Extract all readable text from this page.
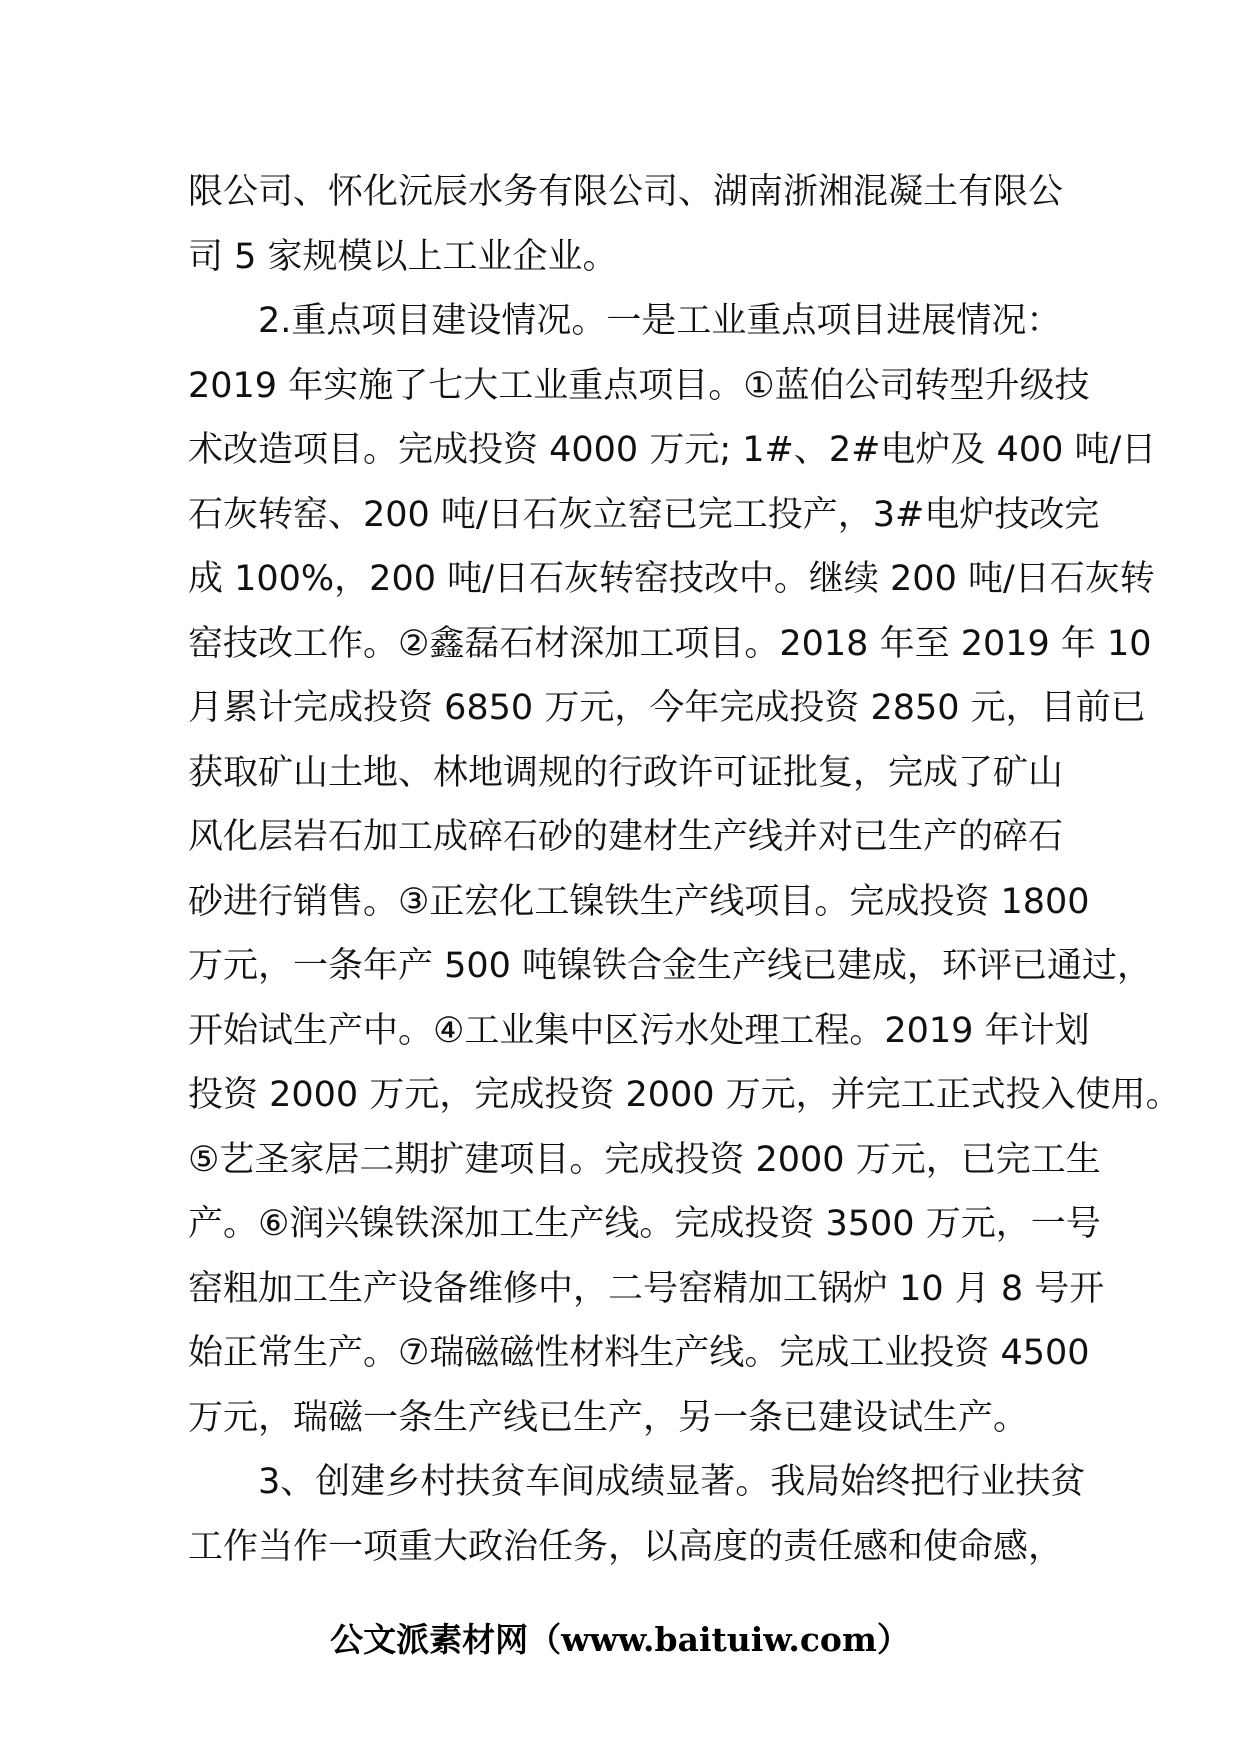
限公司、怀化沅辰水务有限公司、湖南浙湘混凝土有限公
司 5 家规模以上工业企业。
　　2.重点项目建设情况。一是工业重点项目进展情况：
2019 年实施了七大工业重点项目。①蓝伯公司转型升级技
术改造项目。完成投资 4000 万元; 1#、2#电炉及 400 吨/日
石灰转窑、200 吨/日石灰立窑已完工投产，3#电炉技改完
成 100%，200 吨/日石灰转窑技改中。继续 200 吨/日石灰转
窑技改工作。②鑫磊石材深加工项目。2018 年至 2019 年 10
月累计完成投资 6850 万元，今年完成投资 2850 元，目前已
获取矿山土地、林地调规的行政许可证批复，完成了矿山
风化层岩石加工成碎石砂的建材生产线并对已生产的碎石
砂进行销售。③正宏化工镍铁生产线项目。完成投资 1800
万元，一条年产 500 吨镍铁合金生产线已建成，环评已通过，
开始试生产中。④工业集中区污水处理工程。2019 年计划
投资 2000 万元，完成投资 2000 万元，并完工正式投入使用。
⑤艺圣家居二期扩建项目。完成投资 2000 万元，已完工生
产。⑥润兴镍铁深加工生产线。完成投资 3500 万元，一号
窑粗加工生产设备维修中，二号窑精加工锅炉 10 月 8 号开
始正常生产。⑦瑞磁磁性材料生产线。完成工业投资 4500
万元，瑞磁一条生产线已生产，另一条已建设试生产。
　　3、创建乡村扶贫车间成绩显著。我局始终把行业扶贫
工作当作一项重大政治任务，以高度的责任感和使命感，
公文派素材网（www.baituiw.com）
